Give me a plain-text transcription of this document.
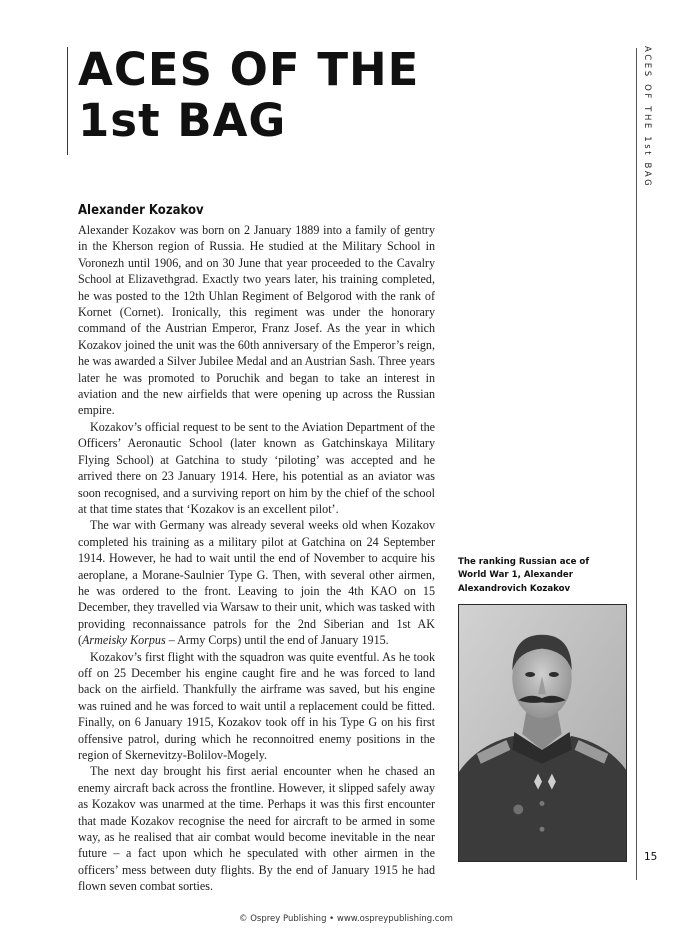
ACES OF THE
1st BAG	ACES OF THE 1st BAG
15
Alexander Kozakov

Alexander Kozakov was born on 2 January 1889 into a family of gentry in the Kherson region of Russia. He studied at the Military School in Voronezh until 1906, and on 30 June that year proceeded to the Cavalry School at Elizavethgrad. Exactly two years later, his training completed, he was posted to the 12th Uhlan Regiment of Belgorod with the rank of Kornet (Cornet). Ironically, this regiment was under the honorary command of the Austrian Emperor, Franz Josef. As the year in which Kozakov joined the unit was the 60th anniversary of the Emperor’s reign, he was awarded a Silver Jubilee Medal and an Austrian Sash. Three years later he was promoted to Poruchik and began to take an interest in aviation and the new airfields that were opening up across the Russian empire.

Kozakov’s official request to be sent to the Aviation Department of the Officers’ Aeronautic School (later known as Gatchinskaya Military Flying School) at Gatchina to study ‘piloting’ was accepted and he arrived there on 23 January 1914. Here, his potential as an aviator was soon recognised, and a surviving report on him by the chief of the school at that time states that ‘Kozakov is an excellent pilot’.

The war with Germany was already several weeks old when Kozakov completed his training as a military pilot at Gatchina on 24 September 1914. However, he had to wait until the end of November to acquire his aeroplane, a Morane-Saulnier Type G. Then, with several other airmen, he was ordered to the front. Leaving to join the 4th KAO on 15 December, they travelled via Warsaw to their unit, which was tasked with providing reconnaissance patrols for the 2nd Siberian and 1st AK (Armeisky Korpus – Army Corps) until the end of January 1915.

Kozakov’s first flight with the squadron was quite eventful. As he took off on 25 December his engine caught fire and he was forced to land back on the airfield. Thankfully the airframe was saved, but his engine was ruined and he was forced to wait until a replacement could be fitted. Finally, on 6 January 1915, Kozakov took off in his Type G on his first offensive patrol, during which he reconnoitred enemy positions in the region of Skernevitzy-Bolilov-Mogely.

The next day brought his first aerial encounter when he chased an enemy aircraft back across the frontline. However, it slipped safely away as Kozakov was unarmed at the time. Perhaps it was this first encounter that made Kozakov recognise the need for aircraft to be armed in some way, as he realised that air combat would become inevitable in the near future – a fact upon which he speculated with other airmen in the officers’ mess between duty flights. By the end of January 1915 he had flown seven combat sorties.

The ranking Russian ace of World War 1, Alexander Alexandrovich Kozakov
© Osprey Publishing • www.ospreypublishing.com
